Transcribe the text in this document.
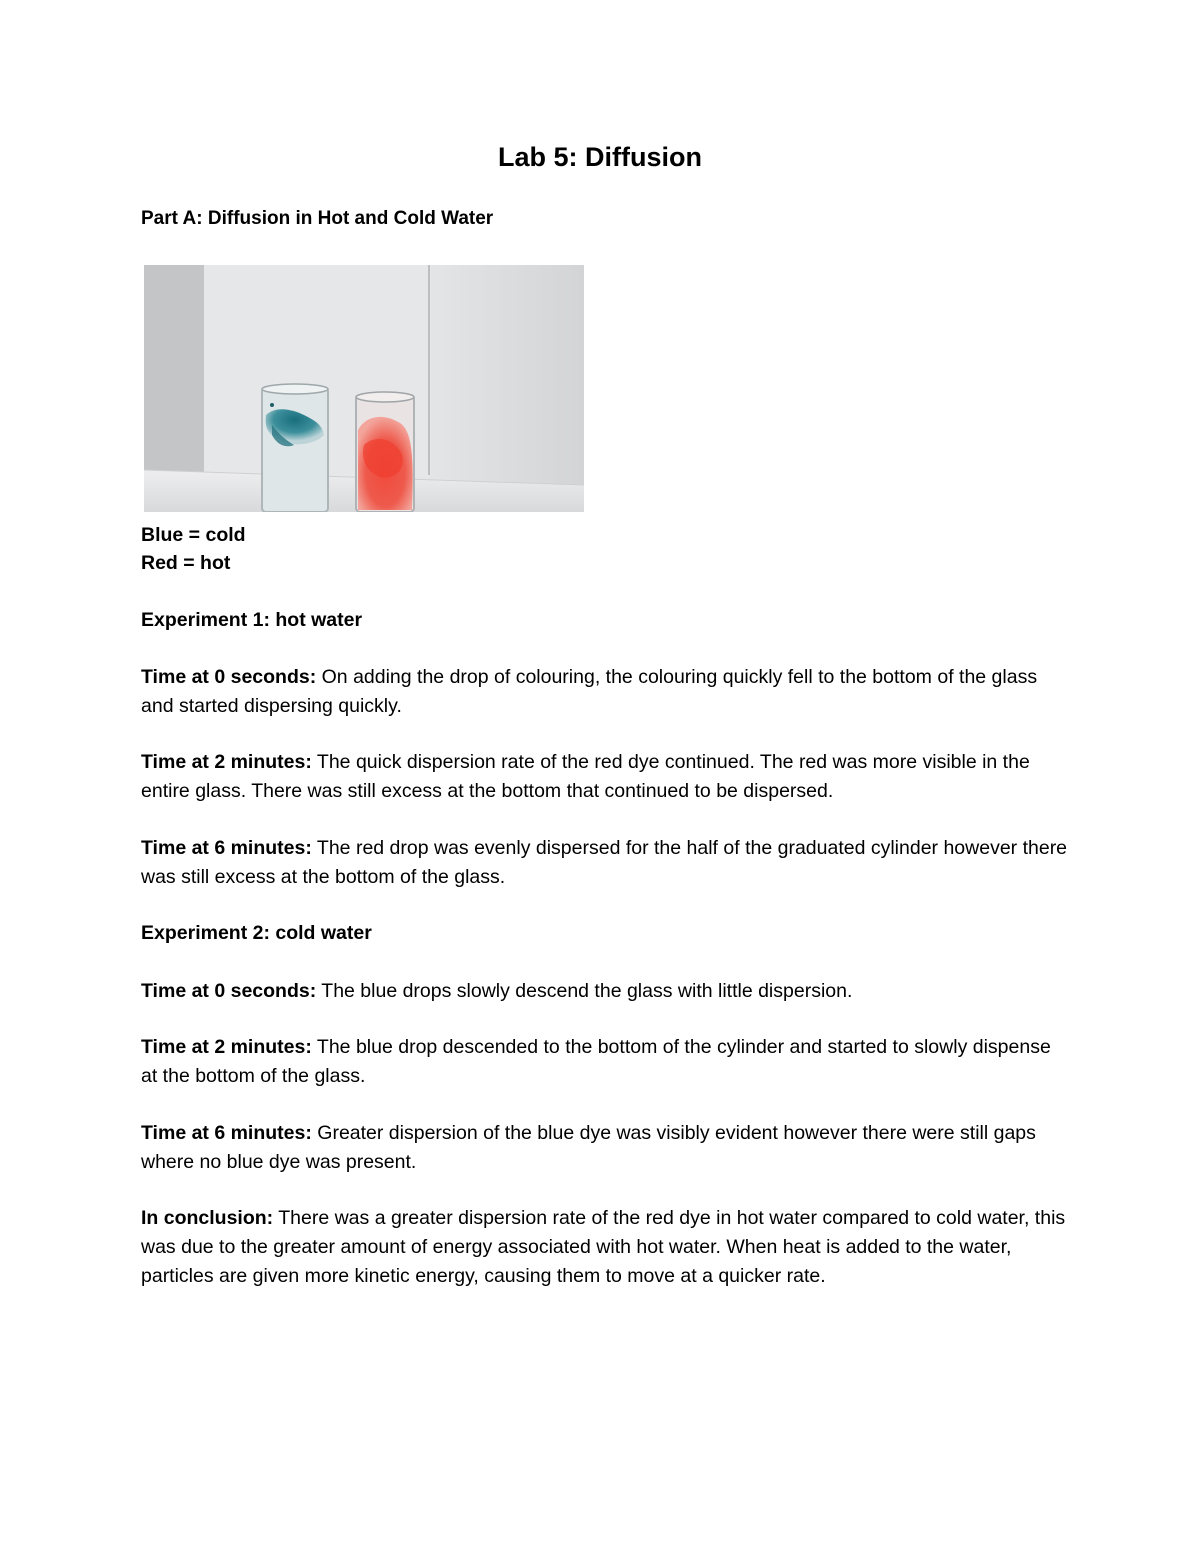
Lab 5: Diffusion
Part A: Diffusion in Hot and Cold Water
Blue = cold
Red = hot
Experiment 1: hot water
Time at 0 seconds: On adding the drop of colouring, the colouring quickly fell to the bottom of the glass and started dispersing quickly.
Time at 2 minutes: The quick dispersion rate of the red dye continued. The red was more visible in the entire glass. There was still excess at the bottom that continued to be dispersed.
Time at 6 minutes: The red drop was evenly dispersed for the half of the graduated cylinder however there was still excess at the bottom of the glass.
Experiment 2: cold water
Time at 0 seconds: The blue drops slowly descend the glass with little dispersion.
Time at 2 minutes: The blue drop descended to the bottom of the cylinder and started to slowly dispense at the bottom of the glass.
Time at 6 minutes: Greater dispersion of the blue dye was visibly evident however there were still gaps where no blue dye was present.
In conclusion: There was a greater dispersion rate of the red dye in hot water compared to cold water, this was due to the greater amount of energy associated with hot water. When heat is added to the water, particles are given more kinetic energy, causing them to move at a quicker rate.
